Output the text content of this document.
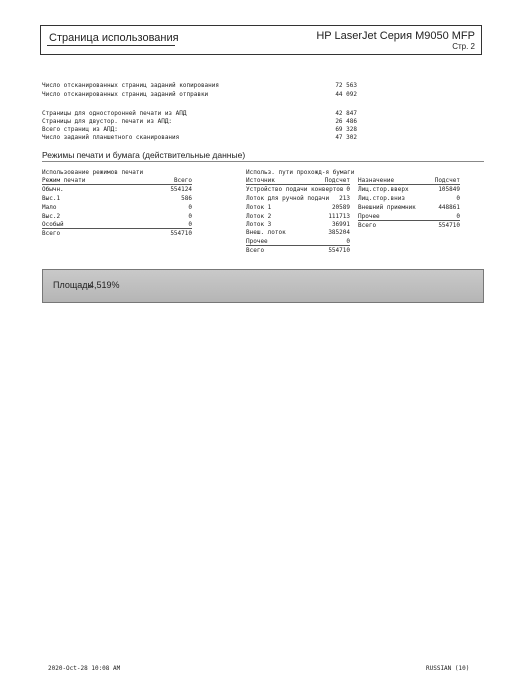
Страница использования	HP LaserJet Серия M9050 MFP
Стр. 2
Число отсканированных страниц заданий копирования	72 563
Число отсканированных страниц заданий отправки	44 092
Страницы для односторонней печати из АПД	42 847
Страницы для двустор. печати из АПД:	26 486
Всего страниц из АПД:	69 328
Число заданий планшетного сканирования	47 302
Режимы печати и бумага (действительные данные)
Использование режимов печати
Режим печати	Всего
Обычн.	554124
Выс.1	586
Мало	0
Выс.2	0
Особый	0
Всего	554710
Использ. пути прохожд-я бумаги
Источник	Подсчет
Устройство подачи конвертов 0
Лоток для ручной подачи	213
Лоток 1	20589
Лоток 2	111713
Лоток 3	36991
Внеш. лоток	385204
Прочее	0
Всего	554710
Назначение	Подсчет
Лиц.стор.вверх	105849
Лиц.стор.вниз	0
Внешний приемник	448861
Прочее	0
Всего	554710
Площадь
4,519%
2020-Oct-28 10:08 AM	RUSSIAN (10)
